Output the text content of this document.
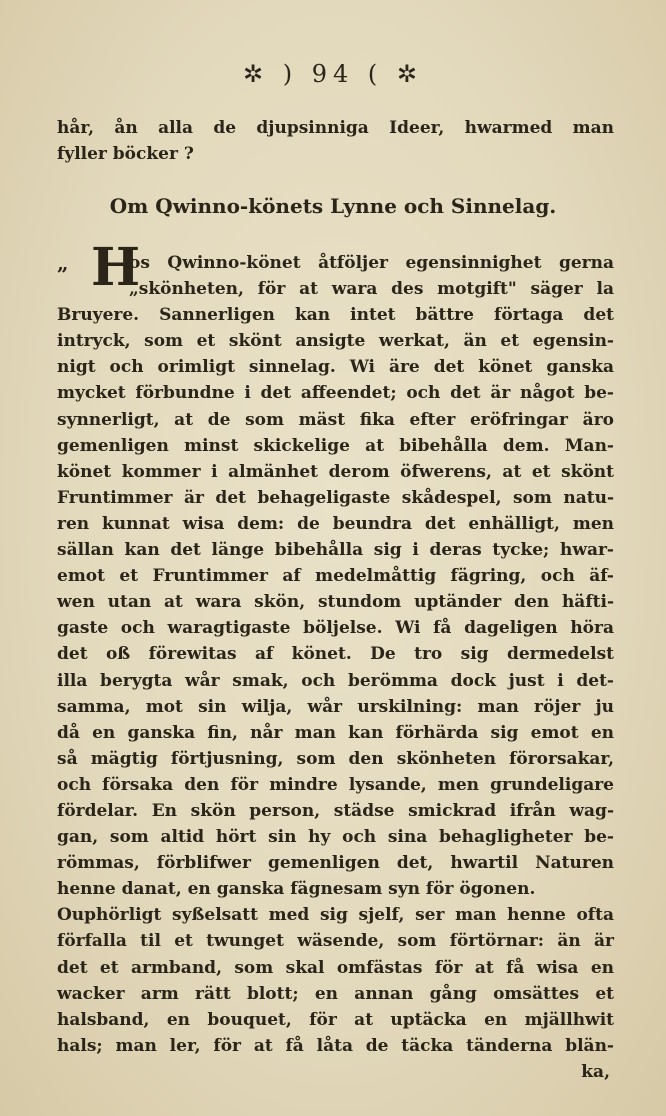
✲ ) 94 ( ✲
hår, ån alla de djupsinniga Ideer, hwarmed man
fyller böcker ?
Om Qwinno-könets Lynne och Sinnelag.
„ H
os Qwinno-könet åtföljer egensinnighet gerna
„skönheten, för at wara des motgift" säger la
Bruyere. Sannerligen kan intet bättre förtaga det
intryck, som et skönt ansigte werkat, än et egensin-
nigt och orimligt sinnelag. Wi äre det könet ganska
mycket förbundne i det affeendet; och det är något be-
synnerligt, at de som mäst fika efter eröfringar äro
gemenligen minst skickelige at bibehålla dem. Man-
könet kommer i almänhet derom öfwerens, at et skönt
Fruntimmer är det behageligaste skådespel, som natu-
ren kunnat wisa dem: de beundra det enhälligt, men
sällan kan det länge bibehålla sig i deras tycke; hwar-
emot et Fruntimmer af medelmåttig fägring, och äf-
wen utan at wara skön, stundom uptänder den häfti-
gaste och waragtigaste böljelse. Wi få dageligen höra
det oß förewitas af könet. De tro sig dermedelst
illa berygta wår smak, och berömma dock just i det-
samma, mot sin wilja, wår urskilning: man röjer ju
då en ganska fin, når man kan förhärda sig emot en
så mägtig förtjusning, som den skönheten förorsakar,
och försaka den för mindre lysande, men grundeligare
fördelar. En skön person, städse smickrad ifrån wag-
gan, som altid hört sin hy och sina behagligheter be-
römmas, förblifwer gemenligen det, hwartil Naturen
henne danat, en ganska fägnesam syn för ögonen.
Ouphörligt syßelsatt med sig sjelf, ser man henne ofta
förfalla til et twunget wäsende, som förtörnar: än är
det et armband, som skal omfästas för at få wisa en
wacker arm rätt blott; en annan gång omsättes et
halsband, en bouquet, för at uptäcka en mjällhwit
hals; man ler, för at få låta de täcka tänderna blän-
ka,
